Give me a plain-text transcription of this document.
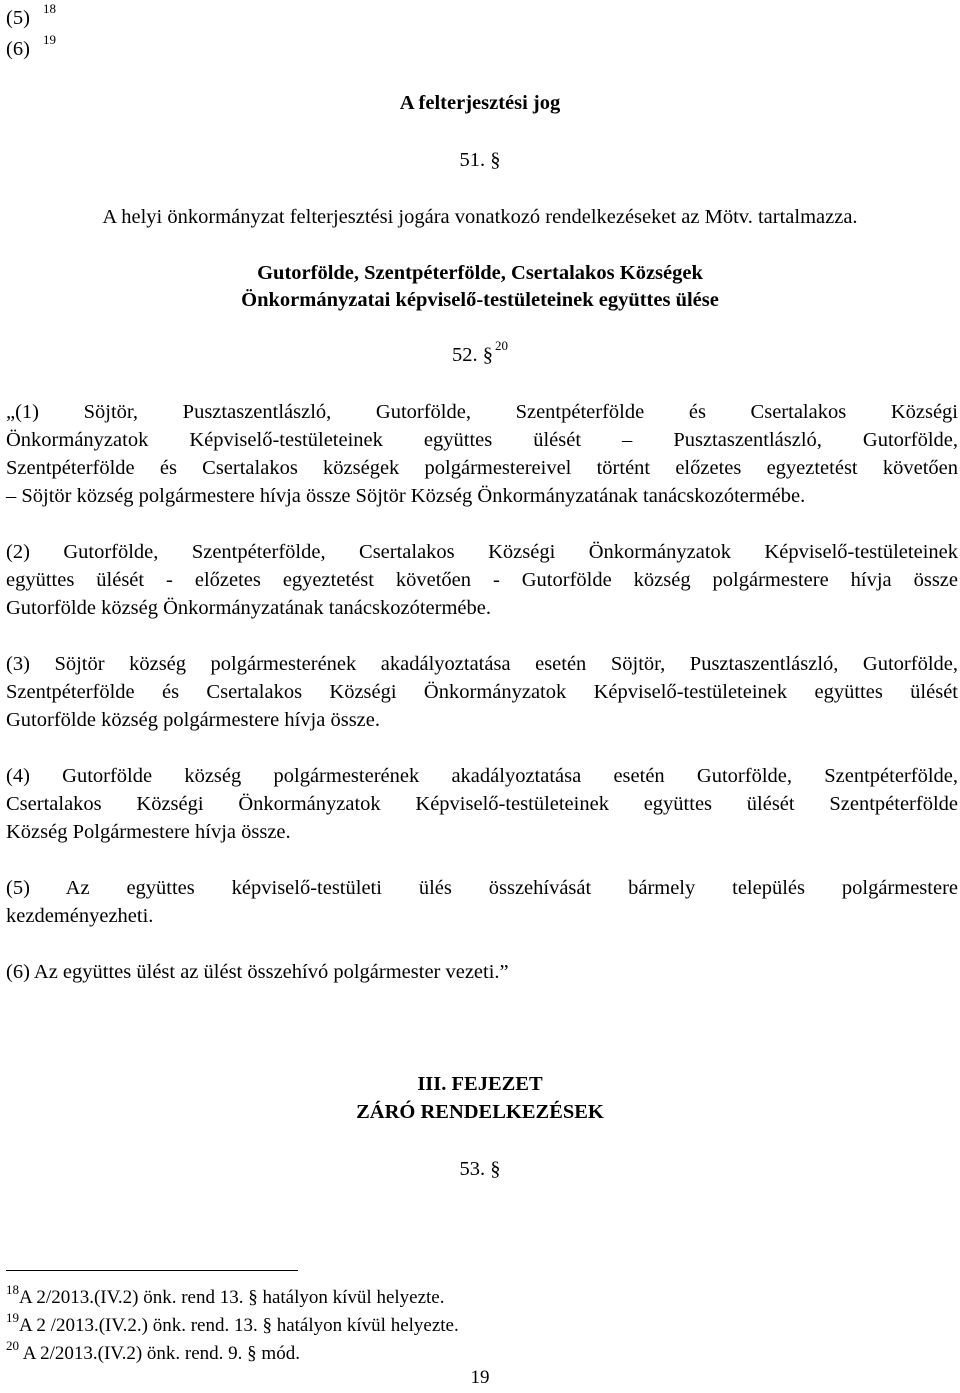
(5) $^{18}$
(6) $^{19}$
A felterjesztési jog
51. §
A helyi önkormányzat felterjesztési jogára vonatkozó rendelkezéseket az Mötv. tartalmazza.
Gutorfölde, Szentpéterfölde, Csertalakos Községek
Önkormányzatai képviselő-testületeinek együttes ülése
52. § $^{20}$
„(1) Söjtör, Pusztaszentlászló, Gutorfölde, Szentpéterfölde és Csertalakos Községi
Önkormányzatok Képviselő-testületeinek együttes ülését – Pusztaszentlászló, Gutorfölde,
Szentpéterfölde és Csertalakos községek polgármestereivel történt előzetes egyeztetést követően
– Söjtör község polgármestere hívja össze Söjtör Község Önkormányzatának tanácskozótermébe.
(2) Gutorfölde, Szentpéterfölde, Csertalakos Községi Önkormányzatok Képviselő-testületeinek
együttes ülését - előzetes egyeztetést követően - Gutorfölde község polgármestere hívja össze
Gutorfölde község Önkormányzatának tanácskozótermébe.
(3) Söjtör község polgármesterének akadályoztatása esetén Söjtör, Pusztaszentlászló, Gutorfölde,
Szentpéterfölde és Csertalakos Községi Önkormányzatok Képviselő-testületeinek együttes ülését
Gutorfölde község polgármestere hívja össze.
(4) Gutorfölde község polgármesterének akadályoztatása esetén Gutorfölde, Szentpéterfölde,
Csertalakos Községi Önkormányzatok Képviselő-testületeinek együttes ülését Szentpéterfölde
Község Polgármestere hívja össze.
(5) Az együttes képviselő-testületi ülés összehívását bármely település polgármestere
kezdeményezheti.
(6) Az együttes ülést az ülést összehívó polgármester vezeti.”
III. FEJEZET
ZÁRÓ RENDELKEZÉSEK
53. §
$^{18}$A 2/2013.(IV.2) önk. rend 13. § hatályon kívül helyezte.
$^{19}$A 2 /2013.(IV.2.) önk. rend. 13. § hatályon kívül helyezte.
$^{20}$ A 2/2013.(IV.2) önk. rend. 9. § mód.
19
